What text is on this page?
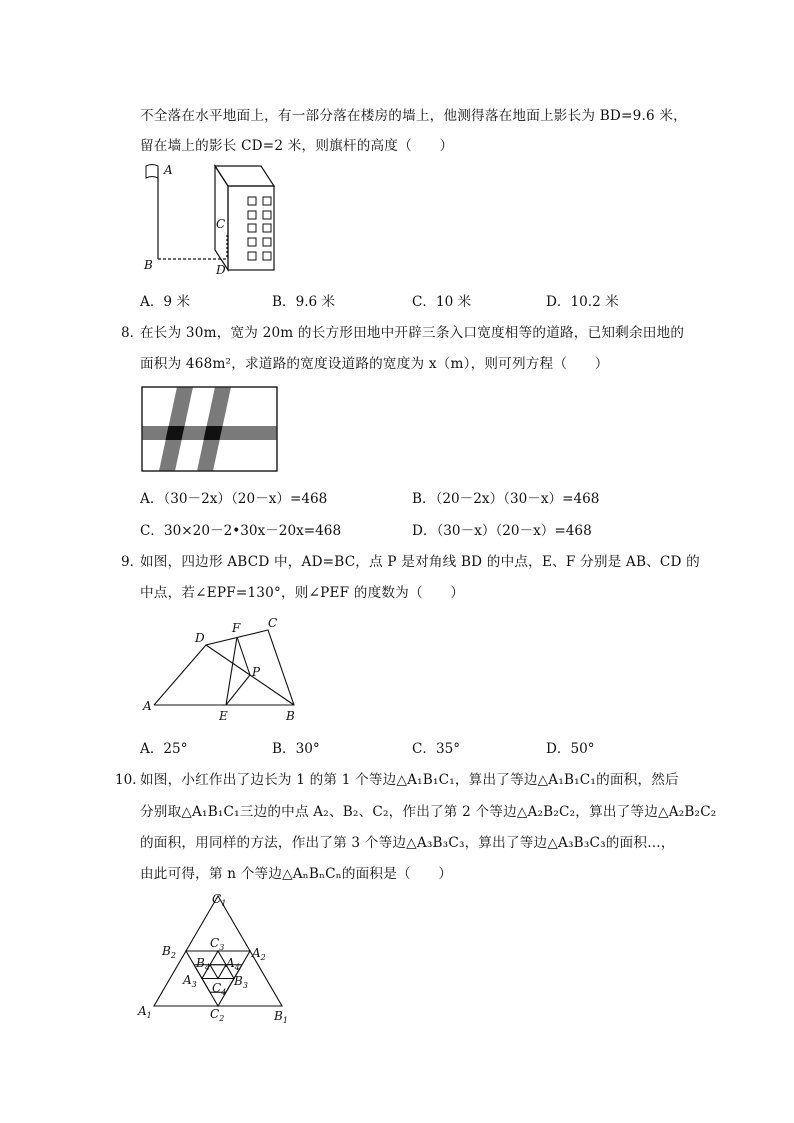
不全落在水平地面上，有一部分落在楼房的墙上，他测得落在地面上影长为 BD=9.6 米，
留在墙上的影长 CD=2 米，则旗杆的高度（　　）
A
B
C
D
A．9 米	B．9.6 米	C．10 米	D．10.2 米
8．
在长为 30m，宽为 20m 的长方形田地中开辟三条入口宽度相等的道路，已知剩余田地的
面积为 468m²，求道路的宽度设道路的宽度为 x（m），则可列方程（　　）
A．（30－2x）（20－x）=468	B．（20－2x）（30－x）=468
C．30×20－2•30x－20x=468	D．（30－x）（20－x）=468
9．
如图，四边形 ABCD 中，AD=BC，点 P 是对角线 BD 的中点，E、F 分别是 AB、CD 的
中点，若∠EPF=130°，则∠PEF 的度数为（　　）
A
B
C
D
E
F
P
A．25°	B．30°	C．35°	D．50°
10．
如图，小红作出了边长为 1 的第 1 个等边△A₁B₁C₁，算出了等边△A₁B₁C₁的面积，然后
分别取△A₁B₁C₁三边的中点 A₂、B₂、C₂，作出了第 2 个等边△A₂B₂C₂，算出了等边△A₂B₂C₂
的面积，用同样的方法，作出了第 3 个等边△A₃B₃C₃，算出了等边△A₃B₃C₃的面积…，
由此可得，第 n 个等边△AₙBₙCₙ的面积是（　　）
$C_1$
$A_1$	$B_1$
$B_2$	$A_2$
$C_2$
$C_3$
$A_3$	$B_3$
$B_4$ $A_4$
$C_4$
